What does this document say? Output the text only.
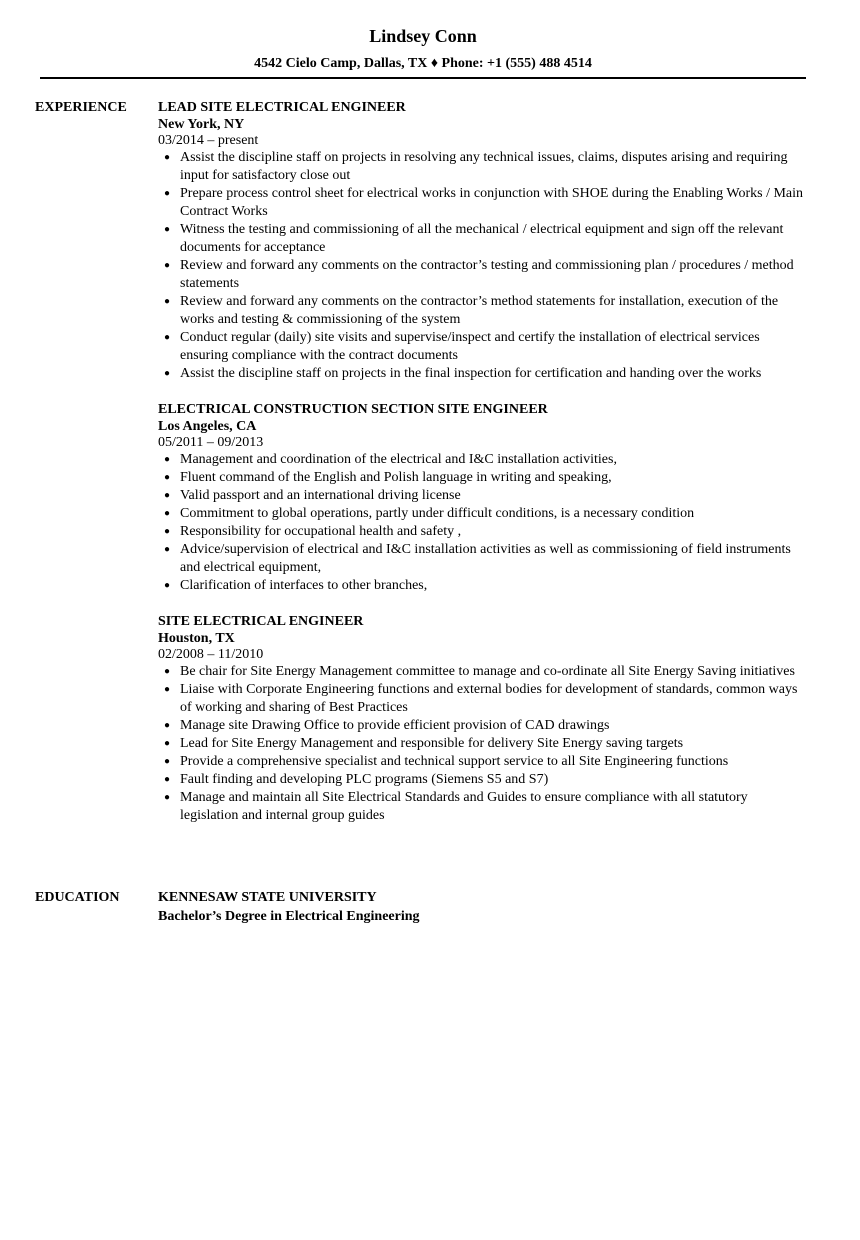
Lindsey Conn
4542 Cielo Camp, Dallas, TX ♦ Phone: +1 (555) 488 4514
EXPERIENCE LEAD SITE ELECTRICAL ENGINEER
New York, NY
03/2014 – present
● Assist the discipline staff on projects in resolving any technical issues, claims, disputes arising and requiring input for satisfactory close out
● Prepare process control sheet for electrical works in conjunction with SHOE during the Enabling Works / Main Contract Works
● Witness the testing and commissioning of all the mechanical / electrical equipment and sign off the relevant documents for acceptance
● Review and forward any comments on the contractor’s testing and commissioning plan / procedures / method statements
● Review and forward any comments on the contractor’s method statements for installation, execution of the works and testing & commissioning of the system
● Conduct regular (daily) site visits and supervise/inspect and certify the installation of electrical services ensuring compliance with the contract documents
● Assist the discipline staff on projects in the final inspection for certification and handing over the works
ELECTRICAL CONSTRUCTION SECTION SITE ENGINEER
Los Angeles, CA
05/2011 – 09/2013
● Management and coordination of the electrical and I&C installation activities,
● Fluent command of the English and Polish language in writing and speaking,
● Valid passport and an international driving license
● Commitment to global operations, partly under difficult conditions, is a necessary condition
● Responsibility for occupational health and safety ,
● Advice/supervision of electrical and I&C installation activities as well as commissioning of field instruments and electrical equipment,
● Clarification of interfaces to other branches,
SITE ELECTRICAL ENGINEER
Houston, TX
02/2008 – 11/2010
● Be chair for Site Energy Management committee to manage and co-ordinate all Site Energy Saving initiatives
● Liaise with Corporate Engineering functions and external bodies for development of standards, common ways of working and sharing of Best Practices
● Manage site Drawing Office to provide efficient provision of CAD drawings
● Lead for Site Energy Management and responsible for delivery Site Energy saving targets
● Provide a comprehensive specialist and technical support service to all Site Engineering functions
● Fault finding and developing PLC programs (Siemens S5 and S7)
● Manage and maintain all Site Electrical Standards and Guides to ensure compliance with all statutory legislation and internal group guides
EDUCATION	KENNESAW STATE UNIVERSITY
Bachelor’s Degree in Electrical Engineering
